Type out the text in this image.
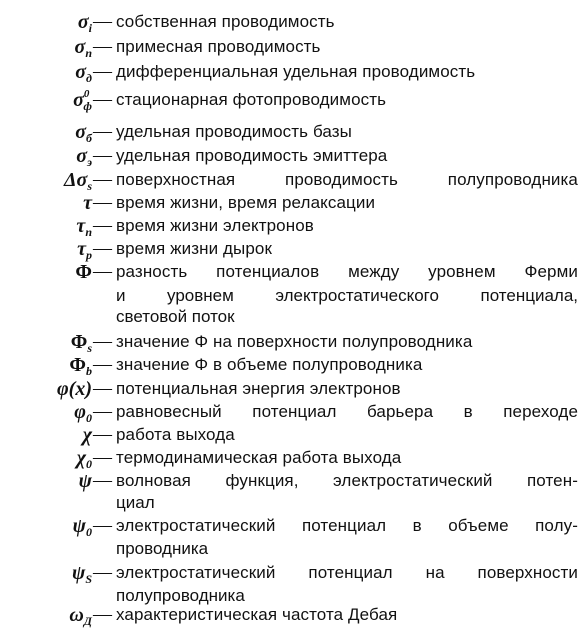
$\sigma_i$ — собственная проводимость
$\sigma_п$ — примесная проводимость
$\sigma_д$ — дифференциальная удельная проводимость
$\sigma^0_ф$ — стационарная фотопроводимость
$\sigma_б$ — удельная проводимость базы
$\sigma_э$ — удельная проводимость эмиттера
$\Delta\sigma_s$ — поверхностная проводимость полупроводника
τ — время жизни, время релаксации
$\tau_n$ — время жизни электронов
$\tau_p$ — время жизни дырок
Φ — разность потенциалов между уровнем Ферми
и уровнем электростатического потенциала,
световой поток
$\Phi_s$ — значение Φ на поверхности полупроводника
$\Phi_b$ — значение Φ в объеме полупроводника
φ(x) — потенциальная энергия электронов
$\varphi_0$ — равновесный потенциал барьера в переходе
χ — работа выхода
$\chi_0$ — термодинамическая работа выхода
ψ — волновая функция, электростатический потен-
циал
$\psi_0$ — электростатический потенциал в объеме полу-
проводника
$\psi_S$ — электростатический потенциал на поверхности
полупроводника
$\omega_Д$ — характеристическая частота Дебая
